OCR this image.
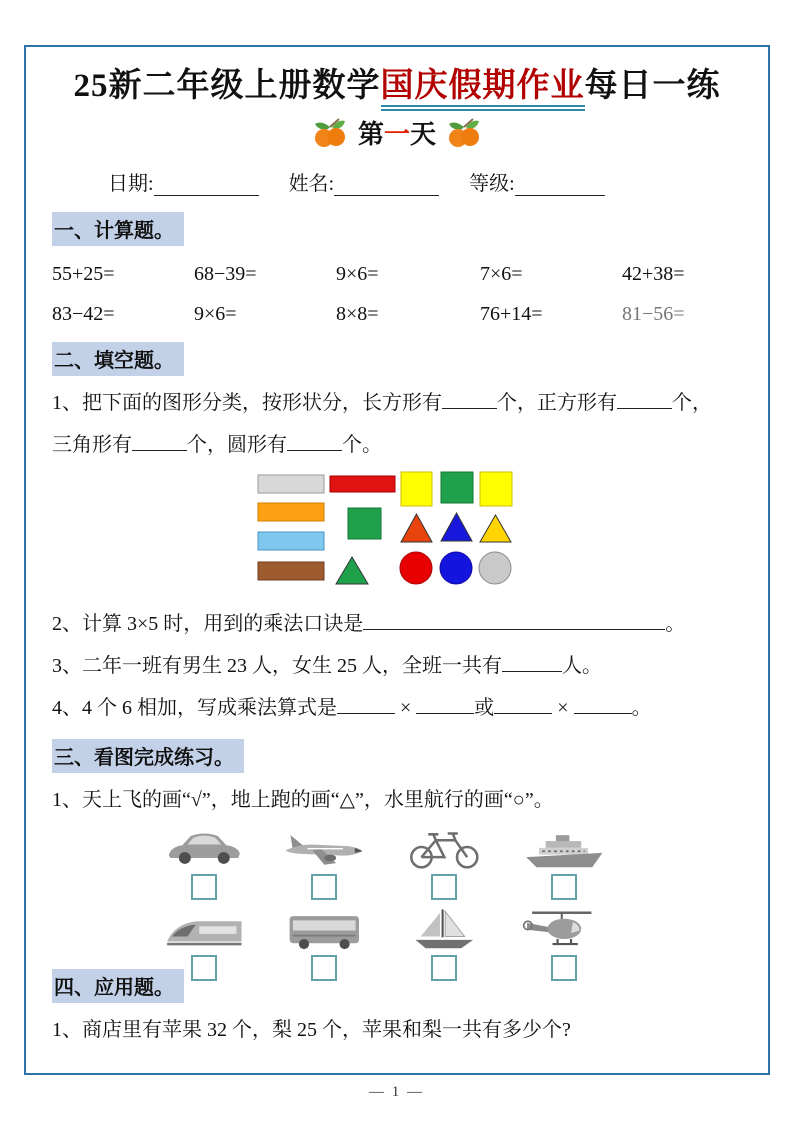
25新二年级上册数学国庆假期作业每日一练
第一天
日期:	姓名:	等级:
一、计算题。
55+25=	68−39=	9×6=	7×6=	42+38=
83−42=	9×6=	8×8=	76+14=	81−56=
二、填空题。

1、把下面的图形分类，按形状分，长方形有	个，正方形有	个，

三角形有	个，圆形有	个。

2、计算 3×5 时，用到的乘法口诀是	。

3、二年一班有男生 23 人，女生 25 人，全班一共有	人。

4、4 个 6 相加，写成乘法算式是	×	或	×	。

三、看图完成练习。

1、天上飞的画“√”，地上跑的画“△”，水里航行的画“○”。

四、应用题。

1、商店里有苹果 32 个，梨 25 个，苹果和梨一共有多少个?

— 1 —
